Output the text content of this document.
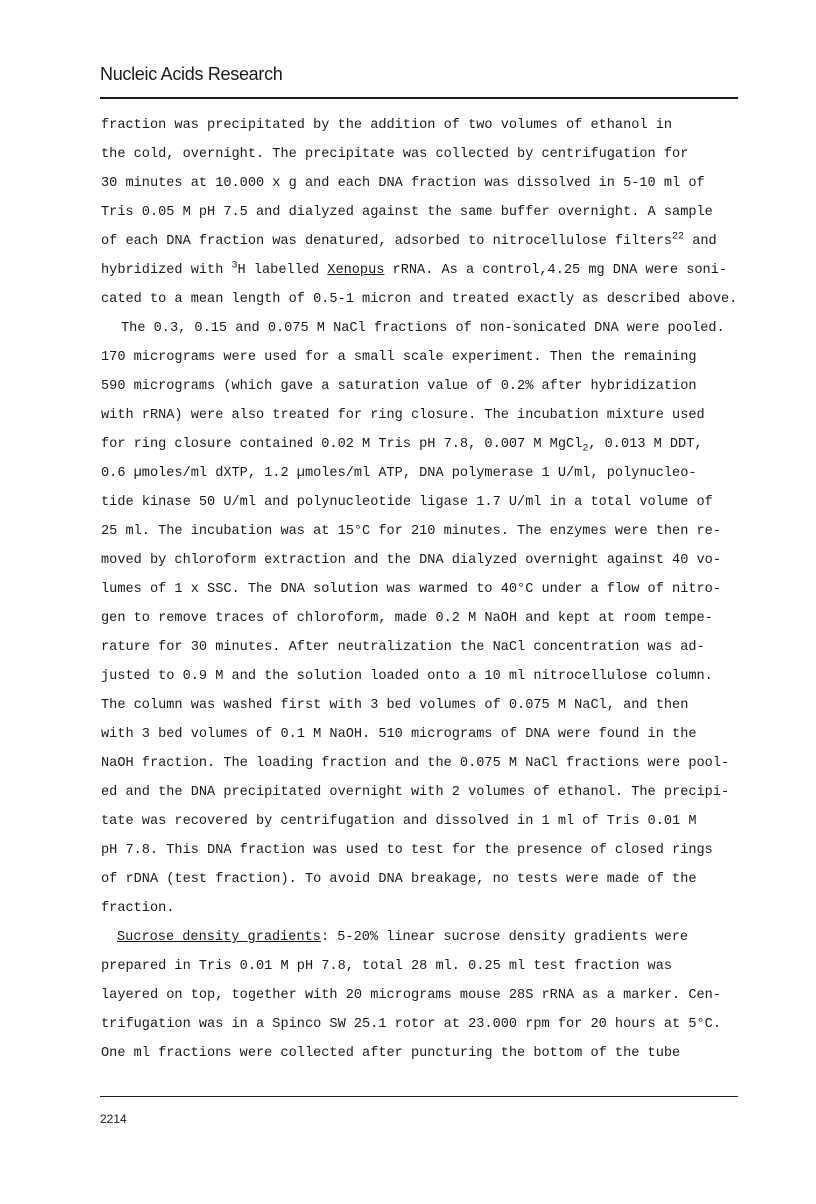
Nucleic Acids Research

fraction was precipitated by the addition of two volumes of ethanol in

the cold, overnight. The precipitate was collected by centrifugation for

30 minutes at 10.000 x g and each DNA fraction was dissolved in 5-10 ml of

Tris 0.05 M pH 7.5 and dialyzed against the same buffer overnight. A sample

of each DNA fraction was denatured, adsorbed to nitrocellulose filters$^{22}$ and

hybridized with $^3$H labelled Xenopus rRNA. As a control,4.25 mg DNA were soni-

cated to a mean length of 0.5-1 micron and treated exactly as described above.

The 0.3, 0.15 and 0.075 M NaCl fractions of non-sonicated DNA were pooled.

170 micrograms were used for a small scale experiment. Then the remaining

590 micrograms (which gave a saturation value of 0.2% after hybridization

with rRNA) were also treated for ring closure. The incubation mixture used

for ring closure contained 0.02 M Tris pH 7.8, 0.007 M MgCl$_2$, 0.013 M DDT,

0.6 µmoles/ml dXTP, 1.2 µmoles/ml ATP, DNA polymerase 1 U/ml, polynucleo-

tide kinase 50 U/ml and polynucleotide ligase 1.7 U/ml in a total volume of

25 ml. The incubation was at 15°C for 210 minutes. The enzymes were then re-

moved by chloroform extraction and the DNA dialyzed overnight against 40 vo-

lumes of 1 x SSC. The DNA solution was warmed to 40°C under a flow of nitro-

gen to remove traces of chloroform, made 0.2 M NaOH and kept at room tempe-

rature for 30 minutes. After neutralization the NaCl concentration was ad-

justed to 0.9 M and the solution loaded onto a 10 ml nitrocellulose column.

The column was washed first with 3 bed volumes of 0.075 M NaCl, and then

with 3 bed volumes of 0.1 M NaOH. 510 micrograms of DNA were found in the

NaOH fraction. The loading fraction and the 0.075 M NaCl fractions were pool-

ed and the DNA precipitated overnight with 2 volumes of ethanol. The precipi-

tate was recovered by centrifugation and dissolved in 1 ml of Tris 0.01 M

pH 7.8. This DNA fraction was used to test for the presence of closed rings

of rDNA (test fraction). To avoid DNA breakage, no tests were made of the

fraction.

Sucrose density gradients: 5-20% linear sucrose density gradients were

prepared in Tris 0.01 M pH 7.8, total 28 ml. 0.25 ml test fraction was

layered on top, together with 20 micrograms mouse 28S rRNA as a marker. Cen-

trifugation was in a Spinco SW 25.1 rotor at 23.000 rpm for 20 hours at 5°C.

One ml fractions were collected after puncturing the bottom of the tube

2214
